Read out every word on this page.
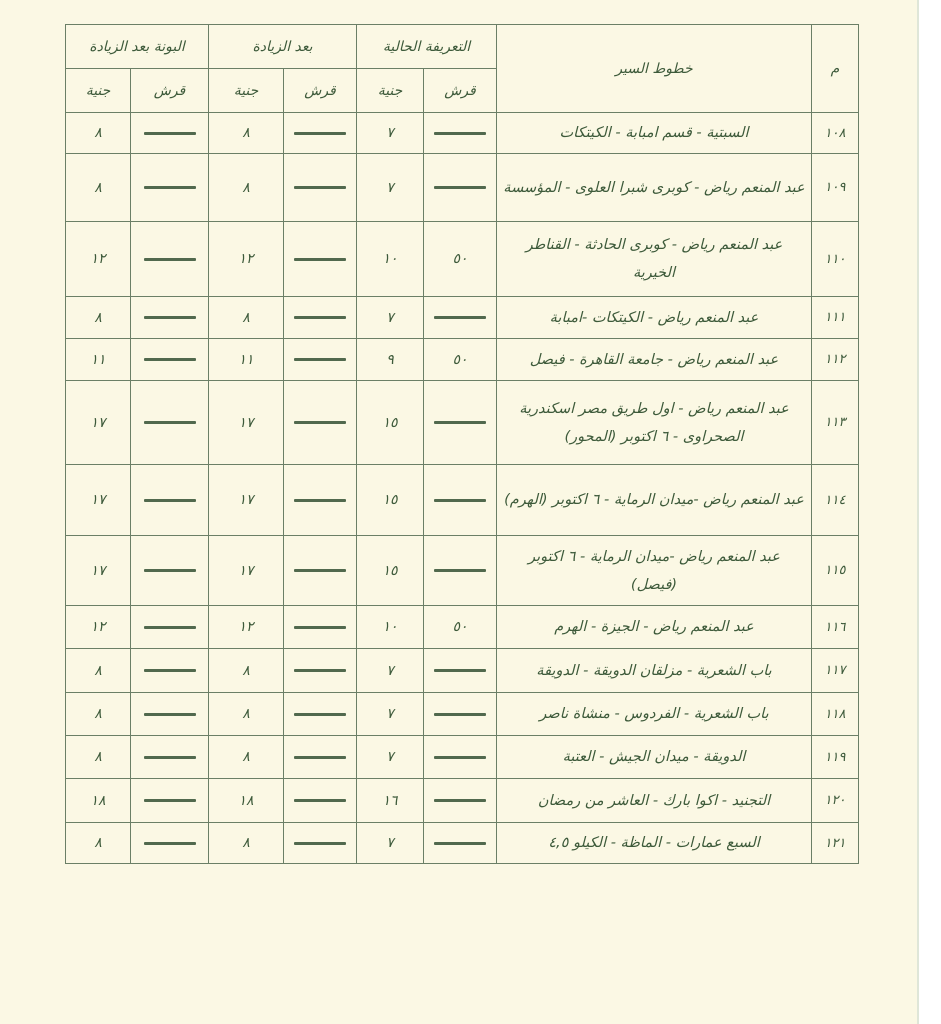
م	خطوط السير	التعريفة الحالية		بعد الزيادة		البونة بعد الزيادة	
		قرش	جنية	قرش	جنية	قرش	جنية
١٠٨	السبتية - قسم امبابة - الكيتكات		٧		٨		٨
١٠٩	عبد المنعم رياض - كوبرى شبرا العلوى - المؤسسة		٧		٨		٨
١١٠	عبد المنعم رياض - كوبرى الحادثة - القناطر الخيرية	٥٠	١٠		١٢		١٢
١١١	عبد المنعم رياض - الكيتكات -امبابة		٧		٨		٨
١١٢	عبد المنعم رياض - جامعة القاهرة - فيصل	٥٠	٩		١١		١١
١١٣	عبد المنعم رياض - اول طريق مصر اسكندرية الصحراوى - ٦ اكتوبر (المحور)		١٥		١٧		١٧
١١٤	عبد المنعم رياض -ميدان الرماية - ٦ اكتوبر (الهرم)		١٥		١٧		١٧
١١٥	عبد المنعم رياض -ميدان الرماية - ٦ اكتوبر (فيصل)		١٥		١٧		١٧
١١٦	عبد المنعم رياض - الجيزة - الهرم	٥٠	١٠		١٢		١٢
١١٧	باب الشعرية - مزلقان الدويقة - الدويقة		٧		٨		٨
١١٨	باب الشعرية - الفردوس - منشاة ناصر		٧		٨		٨
١١٩	الدويقة - ميدان الجيش - العتبة		٧		٨		٨
١٢٠	التجنيد - اكوا بارك - العاشر من رمضان		١٦		١٨		١٨
١٢١	السبع عمارات - الماظة - الكيلو ٤,٥		٧		٨		٨
